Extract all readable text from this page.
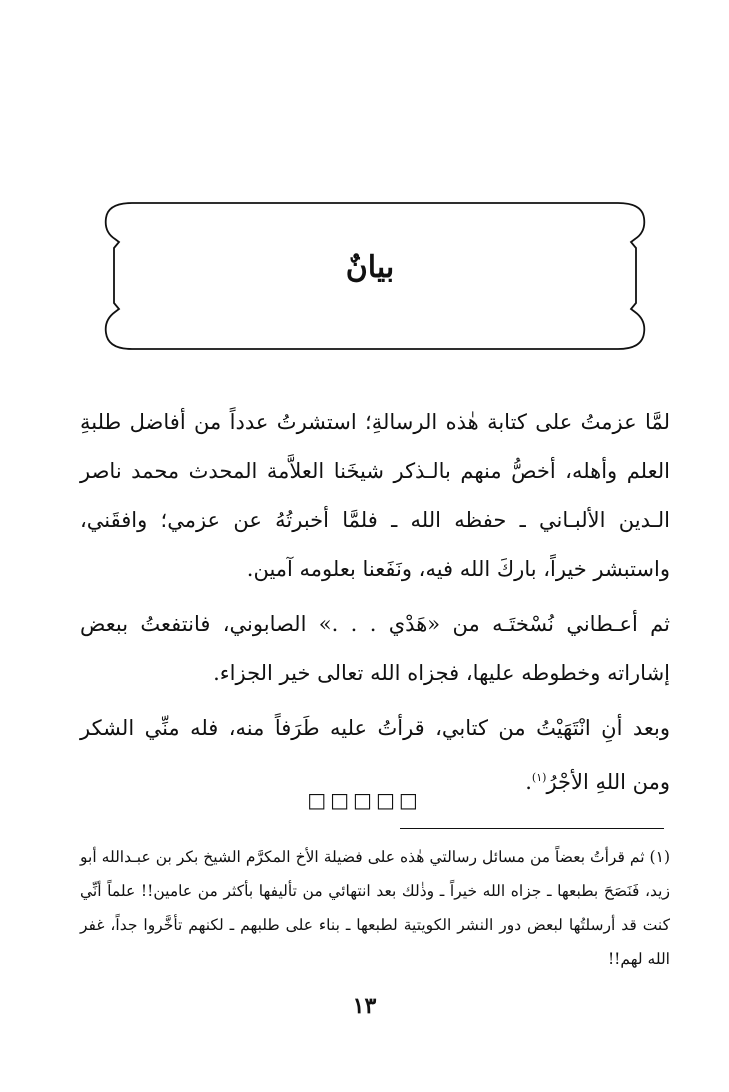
بيانٌ

لمَّا عزمتُ على كتابة هٰذه الرسالةِ؛ استشرتُ عدداً من أفاضل طلبةِ العلم وأهله، أخصُّ منهم بالـذكر شيخَنا العلاَّمة المحدث محمد ناصر الـدين الألبـاني ـ حفظه الله ـ فلمَّا أخبرتُهُ عن عزمي؛ وافقَني، واستبشر خيراً، باركَ الله فيه، ونَفَعنا بعلومه آمين.

ثم أعـطاني نُسْختَـه من «هَدْي . . .» الصابوني، فانتفعتُ ببعض إشاراته وخطوطه عليها، فجزاه الله تعالى خير الجزاء.

وبعد أنِ انْتَهَيْتُ من كتابي، قرأتُ عليه طَرَفاً منه، فله منِّي الشكر ومن اللهِ الأجْرُ$^{(١)}$.

□□□□□
(١) ثم قرأتُ بعضاً من مسائل رسالتي هٰذه على فضيلة الأخ المكرَّم الشيخ بكر بن عبـدالله أبو زيد، فَنَصَحَ بطبعها ـ جزاه الله خيراً ـ وذٰلك بعد انتهائي من تأليفها بأكثر من عامين!! علماً أنِّي كنت قد أرسلتُها لبعض دور النشر الكويتية لطبعها ـ بناء على طلبهم ـ لكنهم تأخَّروا جداً، غفر الله لهم!!
١٣
